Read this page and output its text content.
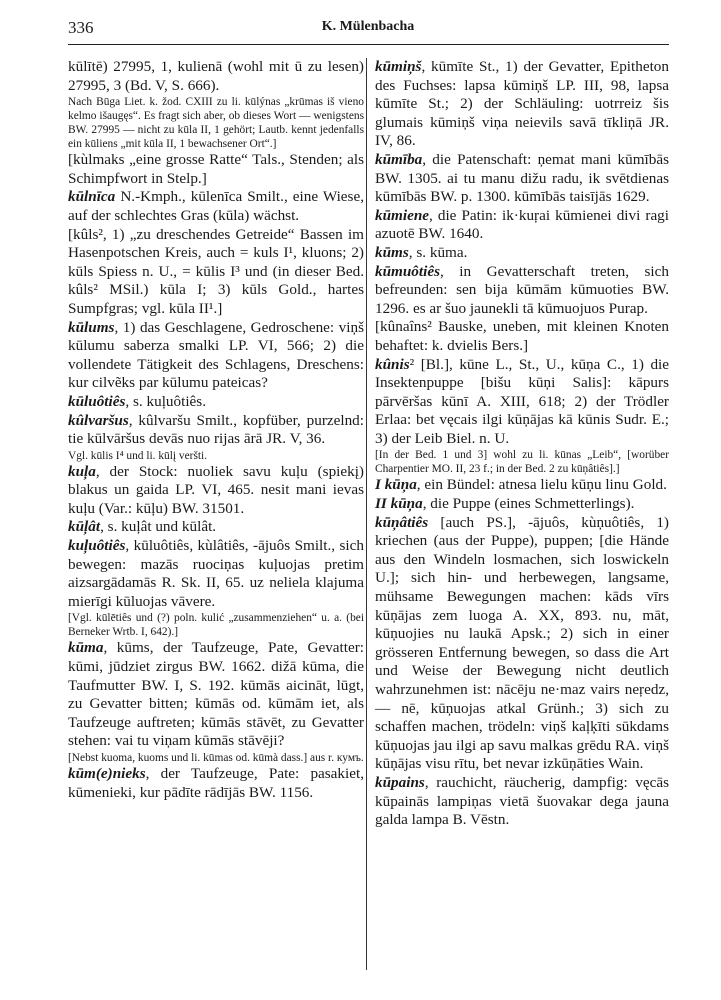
336	K. Mülenbacha

kūlītē) 27995, 1, kulienā (wohl mit ū zu lesen) 27995, 3 (Bd. V, S. 666).
Nach Būga Liet. k. žod. CXIII zu li. kūlýnas „krūmas iš vieno kelmo išaugęs“. Es fragt sich aber, ob dieses Wort — wenigstens BW. 27995 — nicht zu kūla II, 1 gehört; Lautb. kennt jedenfalls ein kūliens „mit kūla II, 1 bewachsener Ort“.]

[kùlmaks „eine grosse Ratte“ Tals., Stenden; als Schimpfwort in Stelp.]

kūlnīca N.-Kmph., kūlenīca Smilt., eine Wiese, auf der schlechtes Gras (kūla) wächst.

[kûls², 1) „zu dreschendes Getreide“ Bassen im Hasenpotschen Kreis, auch = kuls I¹, kluons; 2) kūls Spiess n. U., = kūlis I³ und (in dieser Bed. kûls² MSil.) kūla I; 3) kūls Gold., hartes Sumpfgras; vgl. kūla II¹.]

kūlums, 1) das Geschlagene, Gedroschene: viņš kūlumu saberza smalki LP. VI, 566; 2) die vollendete Tätigkeit des Schlagens, Dreschens: kur cilvẽks par kūlumu pateicas?

kūluôtiês, s. kuļuôtiês.

kûlvaršus, kûlvaršu Smilt., kopfüber, purzelnd: tie kūlvāršus devās nuo rijas ārā JR. V, 36.
Vgl. kūlis I⁴ und li. kūlį veršti.

kuļa, der Stock: nuoliek savu kuļu (spiekį) blakus un gaida LP. VI, 465. nesit mani ievas kuļu (Var.: kūļu) BW. 31501.

kūļât, s. kuļât und kūlât.

kuļuôtiês, kūluôtiês, kùlâtiês, -ājuôs Smilt., sich bewegen: mazās ruociņas kuļuojas pretim aizsargādamās R. Sk. II, 65. uz neliela klajuma mierīgi kūluojas vāvere.
[Vgl. kūlētiês und (?) poln. kulić „zusammenziehen“ u. a. (bei Berneker Wrtb. I, 642).]

kūma, kūms, der Taufzeuge, Pate, Gevatter: kūmi, jūdziet zirgus BW. 1662. dižā kūma, die Taufmutter BW. I, S. 192. kūmās aicināt, lūgt, zu Gevatter bitten; kūmās od. kūmām iet, als Taufzeuge auftreten; kūmās stāvēt, zu Gevatter stehen: vai tu viņam kūmās stāvēji?
[Nebst kuoma, kuoms und li. kūmas od. kūmà dass.] aus r. кумъ.

kūm(e)nieks, der Taufzeuge, Pate: pasakiet, kūmenieki, kur pādīte rādījās BW. 1156.

kūmiņš, kūmīte St., 1) der Gevatter, Epitheton des Fuchses: lapsa kūmiņš LP. III, 98, lapsa kūmīte St.; 2) der Schläuling: uotrreiz šis glumais kūmiņš viņa neievils savā tīkliņā JR. IV, 86.

kūmība, die Patenschaft: ņemat mani kūmībās BW. 1305. ai tu manu dižu radu, ik svētdienas kūmībās BW. p. 1300. kūmībās taisījās 1629.

kūmiene, die Patin: ik·kuŗai kūmienei divi ragi azuotē BW. 1640.

kūms, s. kūma.

kūmuôtiês, in Gevatterschaft treten, sich befreunden: sen bija kūmām kūmuoties BW. 1296. es ar šuo jaunekli tā kūmuojuos Purap.

[kûnaîns² Bauske, uneben, mit kleinen Knoten behaftet: k. dvielis Bers.]

kûnis² [Bl.], kūne L., St., U., kūņa C., 1) die Insektenpuppe [bišu kūņi Salis]: kāpurs pārvēršas kūnī A. XIII, 618; 2) der Trödler Erlaa: bet vęcais ilgi kūņājas kā kūnis Sudr. E.; 3) der Leib Biel. n. U.
[In der Bed. 1 und 3] wohl zu li. kūnas „Leib“, [worüber Charpentier MO. II, 23 f.; in der Bed. 2 zu kūņâtiês].]

I kūņa, ein Bündel: atnesa lielu kūņu linu Gold.

II kūņa, die Puppe (eines Schmetterlings).

kūņâtiês [auch PS.], -ājuôs, kùņuôtiês, 1) kriechen (aus der Puppe), puppen; [die Hände aus den Windeln losmachen, sich loswickeln U.]; sich hin- und herbewegen, langsame, mühsame Bewegungen machen: kāds vīrs kūņājas zem luoga A. XX, 893. nu, māt, kūņuojies nu laukā Apsk.; 2) sich in einer grösseren Entfernung bewegen, so dass die Art und Weise der Bewegung nicht deutlich wahrzunehmen ist: nācēju ne·maz vairs neŗedz, — nē, kūņuojas atkal Grünh.; 3) sich zu schaffen machen, trödeln: viņš kaļķīti sūkdams kūņuojas jau ilgi ap savu malkas grēdu RA. viņš kūņājas visu rītu, bet nevar izkūņāties Wain.

kūpains, rauchicht, räucherig, dampfig: vęcās kūpainās lampiņas vietā šuovakar dega jauna galda lampa B. Vēstn.
